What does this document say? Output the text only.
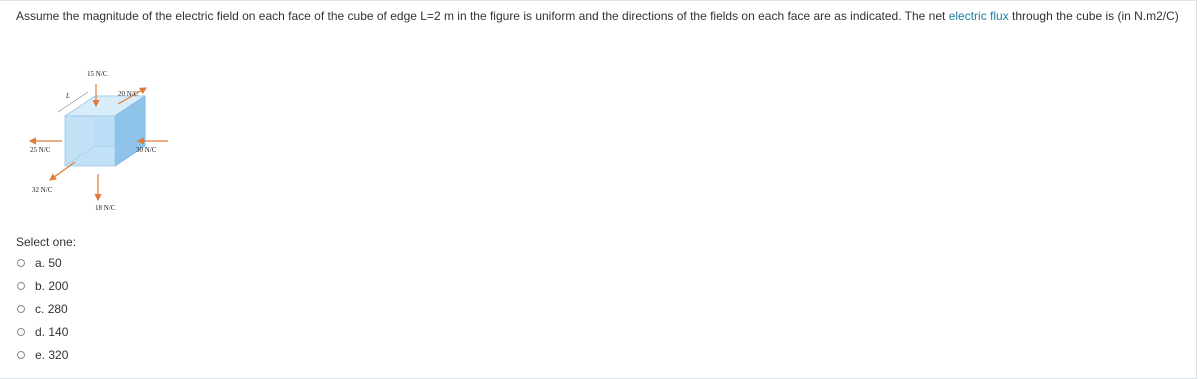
Assume the magnitude of the electric field on each face of the cube of edge L=2 m in the figure is uniform and the directions of the fields on each face are as indicated. The net electric flux through the cube is (in N.m2/C)
L
15 N/C
20 N/C
25 N/C	30 N/C
32 N/C
18 N/C
Select one:
a. 50
b. 200
c. 280
d. 140
e. 320
